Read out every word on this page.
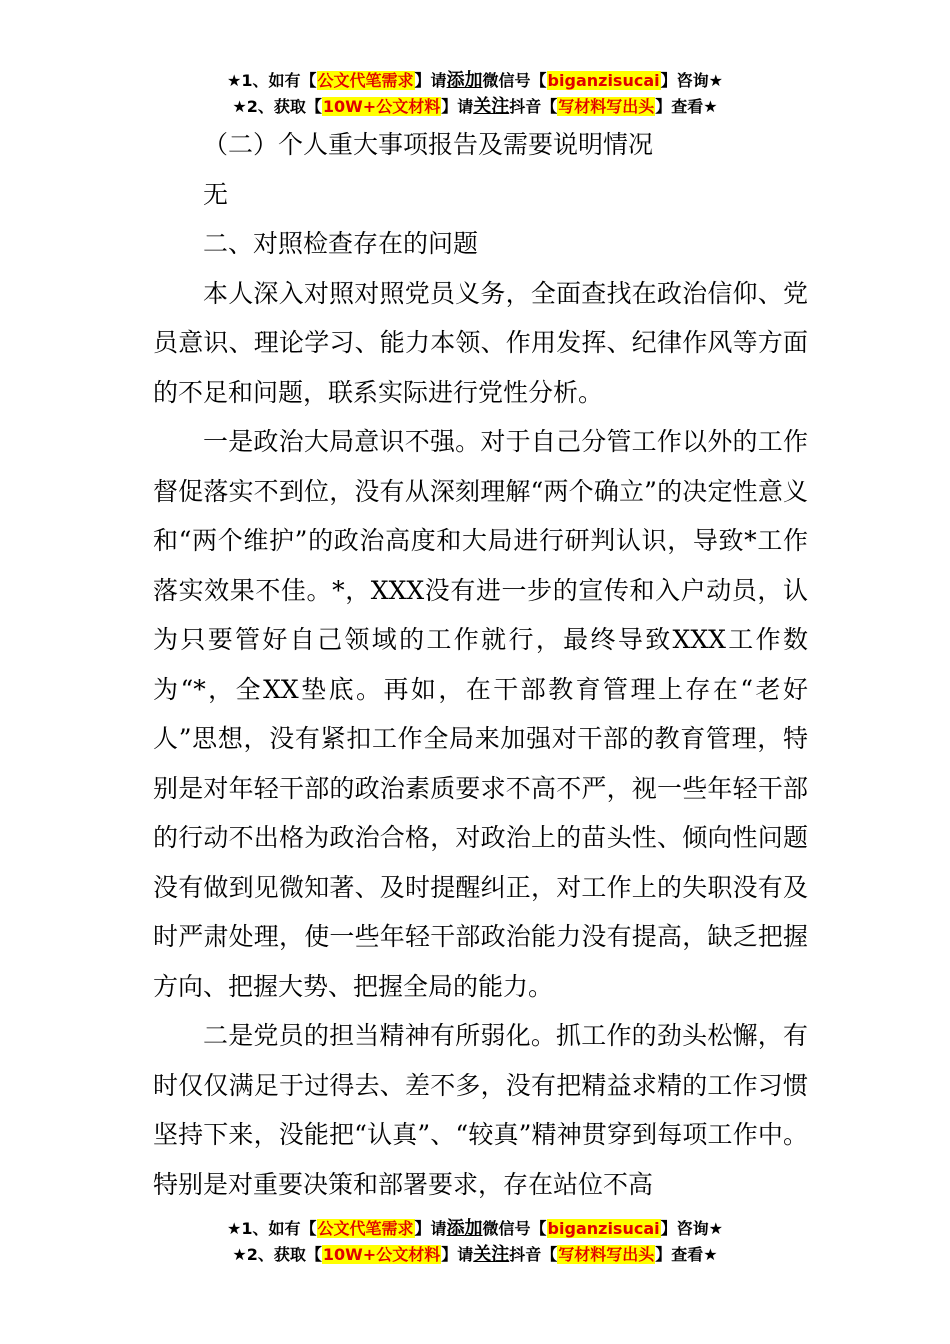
★1、如有【公文代笔需求】请添加微信号【biganzisucai】咨询★
★2、获取【10W+公文材料】请关注抖音【写材料写出头】查看★

（二）个人重大事项报告及需要说明情况

无

二、对照检查存在的问题

本人深入对照对照党员义务，全面查找在政治信仰、党员意识、理论学习、能力本领、作用发挥、纪律作风等方面的不足和问题，联系实际进行党性分析。

一是政治大局意识不强。对于自己分管工作以外的工作督促落实不到位，没有从深刻理解“两个确立”的决定性意义和“两个维护”的政治高度和大局进行研判认识，导致*工作落实效果不佳。*，XXX没有进一步的宣传和入户动员，认为只要管好自己领域的工作就行，最终导致XXX工作数为“*，全XX垫底。再如，在干部教育管理上存在“老好人”思想，没有紧扣工作全局来加强对干部的教育管理，特别是对年轻干部的政治素质要求不高不严，视一些年轻干部的行动不出格为政治合格，对政治上的苗头性、倾向性问题没有做到见微知著、及时提醒纠正，对工作上的失职没有及时严肃处理，使一些年轻干部政治能力没有提高，缺乏把握方向、把握大势、把握全局的能力。

二是党员的担当精神有所弱化。抓工作的劲头松懈，有时仅仅满足于过得去、差不多，没有把精益求精的工作习惯坚持下来，没能把“认真”、“较真”精神贯穿到每项工作中。特别是对重要决策和部署要求，存在站位不高

★1、如有【公文代笔需求】请添加微信号【biganzisucai】咨询★
★2、获取【10W+公文材料】请关注抖音【写材料写出头】查看★
